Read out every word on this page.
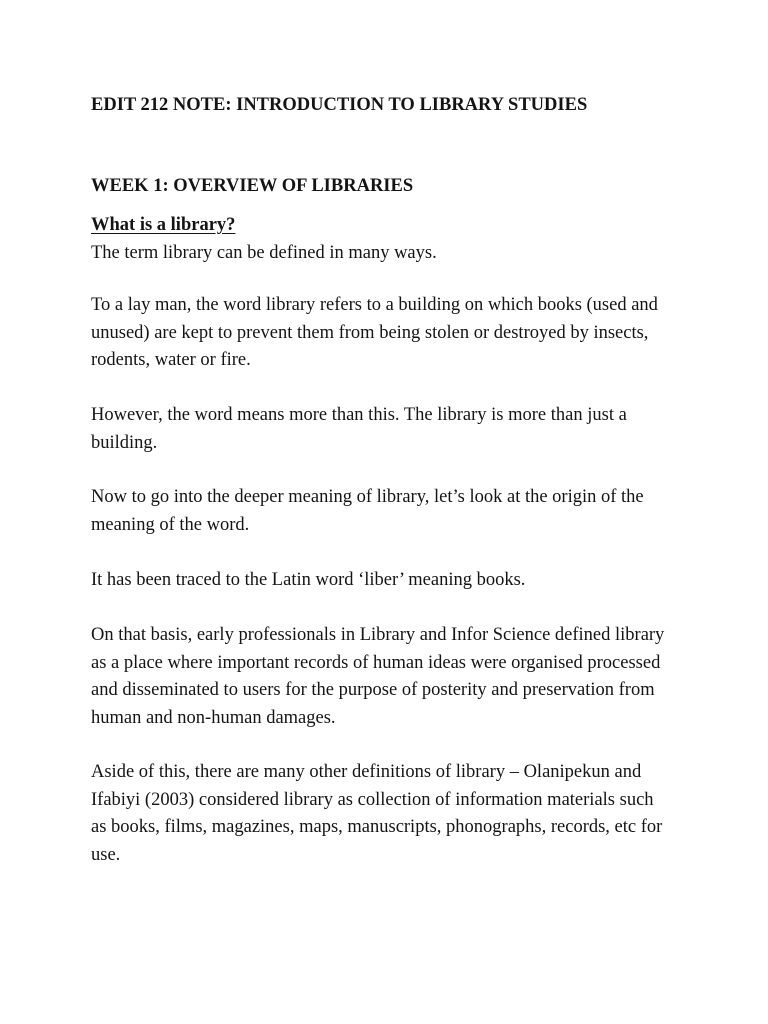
EDIT 212 NOTE: INTRODUCTION TO LIBRARY STUDIES
WEEK 1: OVERVIEW OF LIBRARIES
What is a library?

The term library can be defined in many ways.

To a lay man, the word library refers to a building on which books (used and unused) are kept to prevent them from being stolen or destroyed by insects, rodents, water or fire.

However, the word means more than this. The library is more than just a building.

Now to go into the deeper meaning of library, let’s look at the origin of the meaning of the word.

It has been traced to the Latin word ‘liber’ meaning books.

On that basis, early professionals in Library and Infor Science defined library as a place where important records of human ideas were organised processed and disseminated to users for the purpose of posterity and preservation from human and non-human damages.

Aside of this, there are many other definitions of library – Olanipekun and Ifabiyi (2003) considered library as collection of information materials such as books, films, magazines, maps, manuscripts, phonographs, records, etc for use.
